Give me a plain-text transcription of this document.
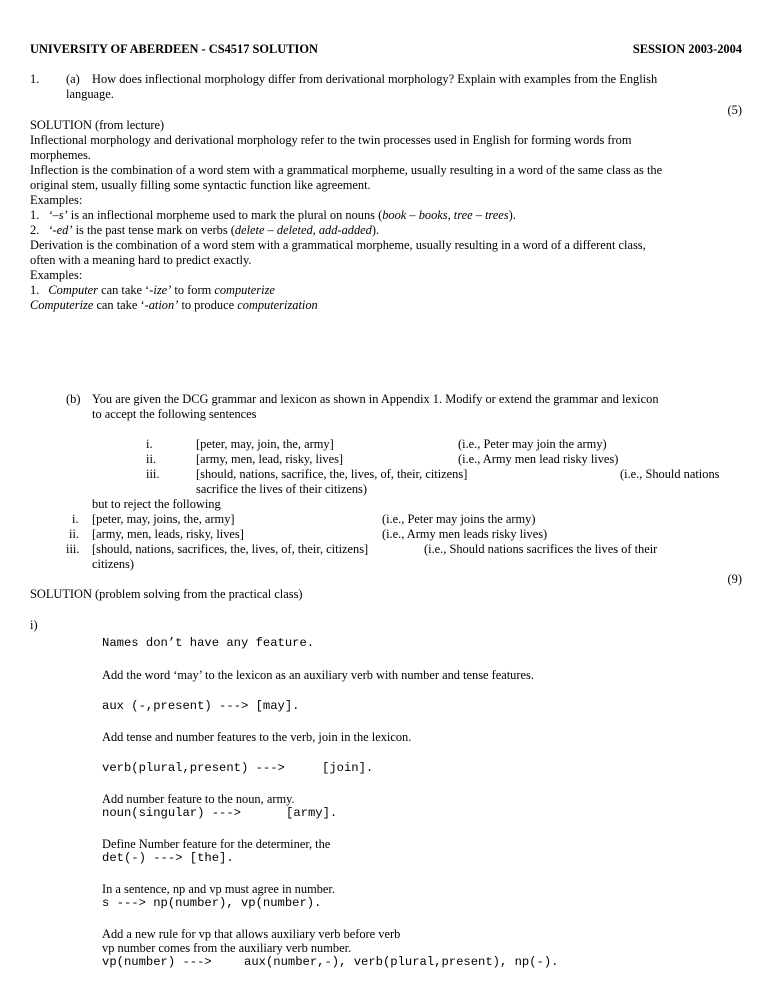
UNIVERSITY OF ABERDEEN - CS4517 SOLUTION	SESSION 2003-2004
1. (a) How does inflectional morphology differ from derivational morphology? Explain with examples from the English
language.
(5)

SOLUTION (from lecture)

Inflectional morphology and derivational morphology refer to the twin processes used in English for forming words from

morphemes.

Inflection is the combination of a word stem with a grammatical morpheme, usually resulting in a word of the same class as the

original stem, usually filling some syntactic function like agreement.

Examples:

1. ‘–s’ is an inflectional morpheme used to mark the plural on nouns (book – books, tree – trees).

2. ‘-ed’ is the past tense mark on verbs (delete – deleted, add-added).

Derivation is the combination of a word stem with a grammatical morpheme, usually resulting in a word of a different class,

often with a meaning hard to predict exactly.

Examples:

1. Computer can take ‘-ize’ to form computerize

Computerize can take ‘-ation’ to produce computerization

(b) You are given the DCG grammar and lexicon as shown in Appendix 1. Modify or extend the grammar and lexicon
to accept the following sentences
i.	[peter, may, join, the, army]	(i.e., Peter may join the army)
ii.	[army, men, lead, risky, lives]	(i.e., Army men lead risky lives)
iii.	[should, nations, sacrifice, the, lives, of, their, citizens]	(i.e., Should nations
sacrifice the lives of their citizens)
but to reject the following
i. [peter, may, joins, the, army]	(i.e., Peter may joins the army)
ii. [army, men, leads, risky, lives]	(i.e., Army men leads risky lives)
iii. [should, nations, sacrifices, the, lives, of, their, citizens]	(i.e., Should nations sacrifices the lives of their
citizens)
(9)
SOLUTION (problem solving from the practical class)
i)
Names don’t have any feature.
Add the word ‘may’ to the lexicon as an auxiliary verb with number and tense features.
aux (-,present) ---> [may].
Add tense and number features to the verb, join in the lexicon.
verb(plural,present) --->	[join].
Add number feature to the noun, army.
noun(singular) --->	[army].
Define Number feature for the determiner, the
det(-) ---> [the].
In a sentence, np and vp must agree in number.
s ---> np(number), vp(number).
Add a new rule for vp that allows auxiliary verb before verb
vp number comes from the auxiliary verb number.
vp(number) --->	aux(number,-), verb(plural,present), np(-).
